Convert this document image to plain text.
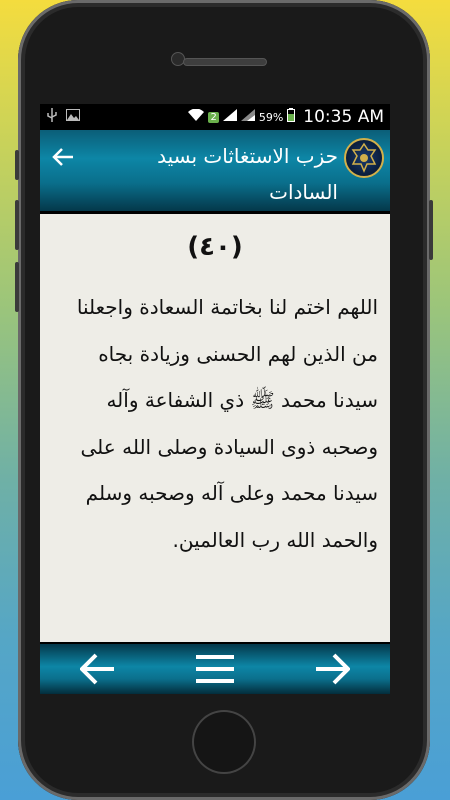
2	59% 10:35 AM
حزب الاستغاثات بسيد السادات
(٤٠)
اللهم اختم لنا بخاتمة السعادة واجعلنا من الذين لهم الحسنى وزيادة بجاه سيدنا محمد ﷺ ذي الشفاعة وآله وصحبه ذوى السيادة وصلى الله على سيدنا محمد وعلى آله وصحبه وسلم والحمد الله رب العالمين.
